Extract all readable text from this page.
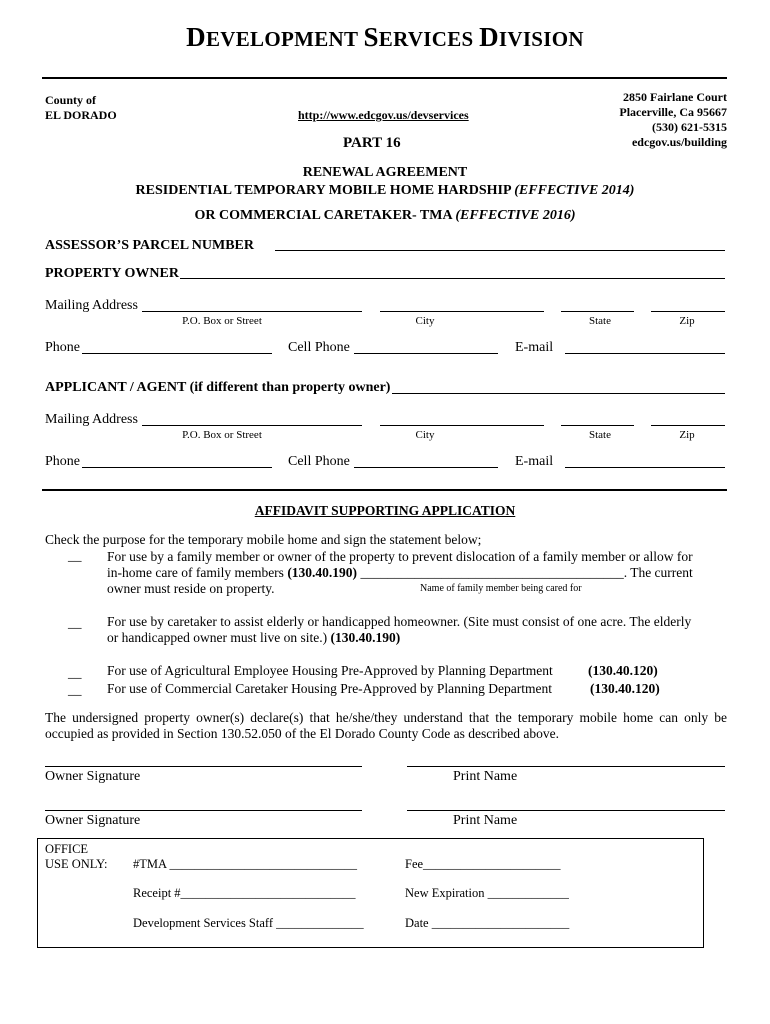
DEVELOPMENT SERVICES DIVISION
County of
EL DORADO	http://www.edcgov.us/devservices
2850 Fairlane Court
Placerville, Ca 95667
(530) 621-5315
edcgov.us/building
PART 16
RENEWAL AGREEMENT
RESIDENTIAL TEMPORARY MOBILE HOME HARDSHIP (EFFECTIVE 2014)
OR COMMERCIAL CARETAKER- TMA (EFFECTIVE 2016)
ASSESSOR’S PARCEL NUMBER
PROPERTY OWNER
Mailing Address
P.O. Box or Street	City	State	Zip
Phone	Cell Phone	E-mail
APPLICANT / AGENT (if different than property owner)
Mailing Address
P.O. Box or Street	City	State	Zip
Phone	Cell Phone	E-mail
AFFIDAVIT SUPPORTING APPLICATION
Check the purpose for the temporary mobile home and sign the statement below;
__ For use by a family member or owner of the property to prevent dislocation of a family member or allow for
in-home care of family members (130.40.190) _______________________________________. The current
owner must reside on property.	Name of family member being cared for
__ For use by caretaker to assist elderly or handicapped homeowner. (Site must consist of one acre. The elderly
or handicapped owner must live on site.) (130.40.190)
__ For use of Agricultural Employee Housing Pre-Approved by Planning Department	(130.40.120)
__ For use of Commercial Caretaker Housing Pre-Approved by Planning Department	(130.40.120)
The undersigned property owner(s) declare(s) that he/she/they understand that the temporary mobile home can only be
occupied as provided in Section 130.52.050 of the El Dorado County Code as described above.
Owner Signature	Print Name
Owner Signature	Print Name
OFFICE
USE ONLY: #TMA ______________________________	Fee______________________
Receipt #____________________________	New Expiration _____________
Development Services Staff ______________	Date ______________________
